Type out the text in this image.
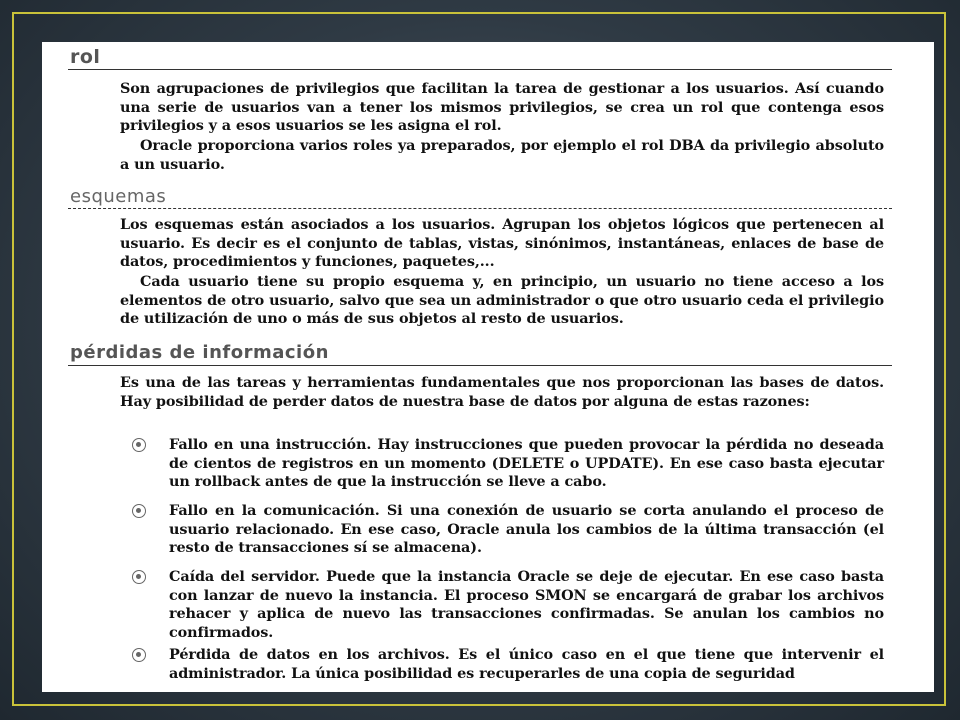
rol
Son agrupaciones de privilegios que facilitan la tarea de gestionar a los usuarios. Así cuando una serie de usuarios van a tener los mismos privilegios, se crea un rol que contenga esos privilegios y a esos usuarios se les asigna el rol.
Oracle proporciona varios roles ya preparados, por ejemplo el rol DBA da privilegio absoluto a un usuario.
esquemas
Los esquemas están asociados a los usuarios. Agrupan los objetos lógicos que pertenecen al usuario. Es decir es el conjunto de tablas, vistas, sinónimos, instantáneas, enlaces de base de datos, procedimientos y funciones, paquetes,...
Cada usuario tiene su propio esquema y, en principio, un usuario no tiene acceso a los elementos de otro usuario, salvo que sea un administrador o que otro usuario ceda el privilegio de utilización de uno o más de sus objetos al resto de usuarios.
pérdidas de información
Es una de las tareas y herramientas fundamentales que nos proporcionan las bases de datos. Hay posibilidad de perder datos de nuestra base de datos por alguna de estas razones:
Fallo en una instrucción. Hay instrucciones que pueden provocar la pérdida no deseada de cientos de registros en un momento (DELETE o UPDATE). En ese caso basta ejecutar un rollback antes de que la instrucción se lleve a cabo.
Fallo en la comunicación. Si una conexión de usuario se corta anulando el proceso de usuario relacionado. En ese caso, Oracle anula los cambios de la última transacción (el resto de transacciones sí se almacena).
Caída del servidor. Puede que la instancia Oracle se deje de ejecutar. En ese caso basta con lanzar de nuevo la instancia. El proceso SMON se encargará de grabar los archivos rehacer y aplica de nuevo las transacciones confirmadas. Se anulan los cambios no confirmados.
Pérdida de datos en los archivos. Es el único caso en el que tiene que intervenir el administrador. La única posibilidad es recuperarles de una copia de seguridad
